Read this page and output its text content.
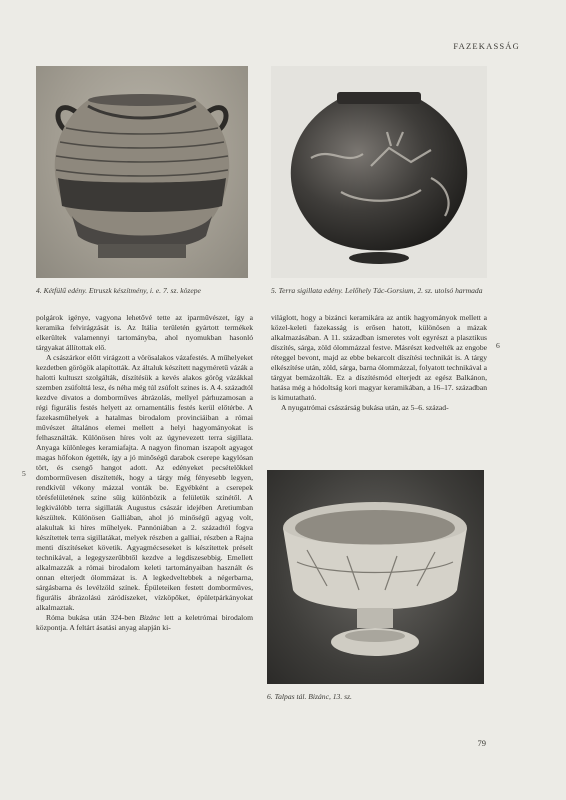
FAZEKASSÁG
4. Kétfülű edény. Etruszk készítmény, i. e. 7. sz. közepe	5. Terra sigillata edény. Lelőhely Tác-Gorsium, 2. sz. utolsó harmada

polgárok igénye, vagyona lehetővé tette az iparművészet, így a keramika felvirágzását is. Az Itália területén gyártott termékek elkerültek valamennyi tartományba, ahol nyomukban hasonló tárgyakat állítottak elő.

A császárkor előtt virágzott a vörösalakos vázafestés. A műhelyeket kezdetben görögök alapították. Az általuk készített nagyméretű vázák a halotti kultuszt szolgálták, díszítésük a kevés alakos görög vázákkal szemben zsúfolttá lesz, és néha még túl zsúfolt szines is. A 4. századtól kezdve divatos a domborműves ábrázolás, mellyel párhuzamosan a régi figurális festés helyett az ornamentális festés kerül előtérbe. A fazekasműhelyek a hatalmas birodalom provinciáiban a római művészet általános elemei mellett a helyi hagyományokat is felhasználták. Különösen híres volt az úgynevezett terra sigillata. Anyaga különleges keramiafajta. A nagyon finoman iszapolt agyagot magas hőfokon égették, így a jó minőségű darabok cserepe kagylósan tört, és csengő hangot adott. Az edényeket pecsételőkkel domborművesen díszítették, hogy a tárgy még fényesebb legyen, rendkívül vékony mázzal vonták be. Egyébként a cserepek törésfelületének színe sűig különbözik a felületük színétől. A legkiválóbb terra sigillaták Augustus császár idejében Aretiumban készültek. Különösen Galliában, ahol jó minőségű agyag volt, alakultak ki híres műhelyek. Pannóniában a 2. századtól fogva készítettek terra sigillatákat, melyek részben a galliai, részben a Rajna menti díszítéseket követik. Agyagmécseseket is készítettek préselt technikával, a legegyszerűbbtől kezdve a legdíszesebbig. Emellett alkalmazzák a római birodalom keleti tartományaiban használt és onnan elterjedt ólommázat is. A legkedveltebbek a négerbarna, sárgásbarna és levélzöld színek. Épületeiken festett dombormüves, figurális ábrázolású záródíszeket, vízköpőket, épületpárkányokat alkalmaztak.

Róma bukása után 324-ben Bizánc lett a keletrómai birodalom központja. A feltárt ásatási anyag alapján ki-

5

világlott, hogy a bizánci keramikára az antik hagyományok mellett a közel-keleti fazekasság is erősen hatott, különösen a mázak alkalmazásában. A 11. században ismeretes volt egyrészt a plasztikus díszítés, sárga, zöld ólommázzal festve. Másrészt kedvelték az engobe réteggel bevont, majd az ebbe bekarcolt díszítési technikát is. A tárgy elkészítése után, zöld, sárga, barna ólommázzal, folyatott technikával a tárgyat bemázolták. Ez a díszítésmód elterjedt az egész Balkánon, hatása még a hódoltság kori magyar keramikában, a 16–17. században is kimutatható.

A nyugatrómai császárság bukása után, az 5–6. század-

6
6. Talpas tál. Bizánc, 13. sz.
79
